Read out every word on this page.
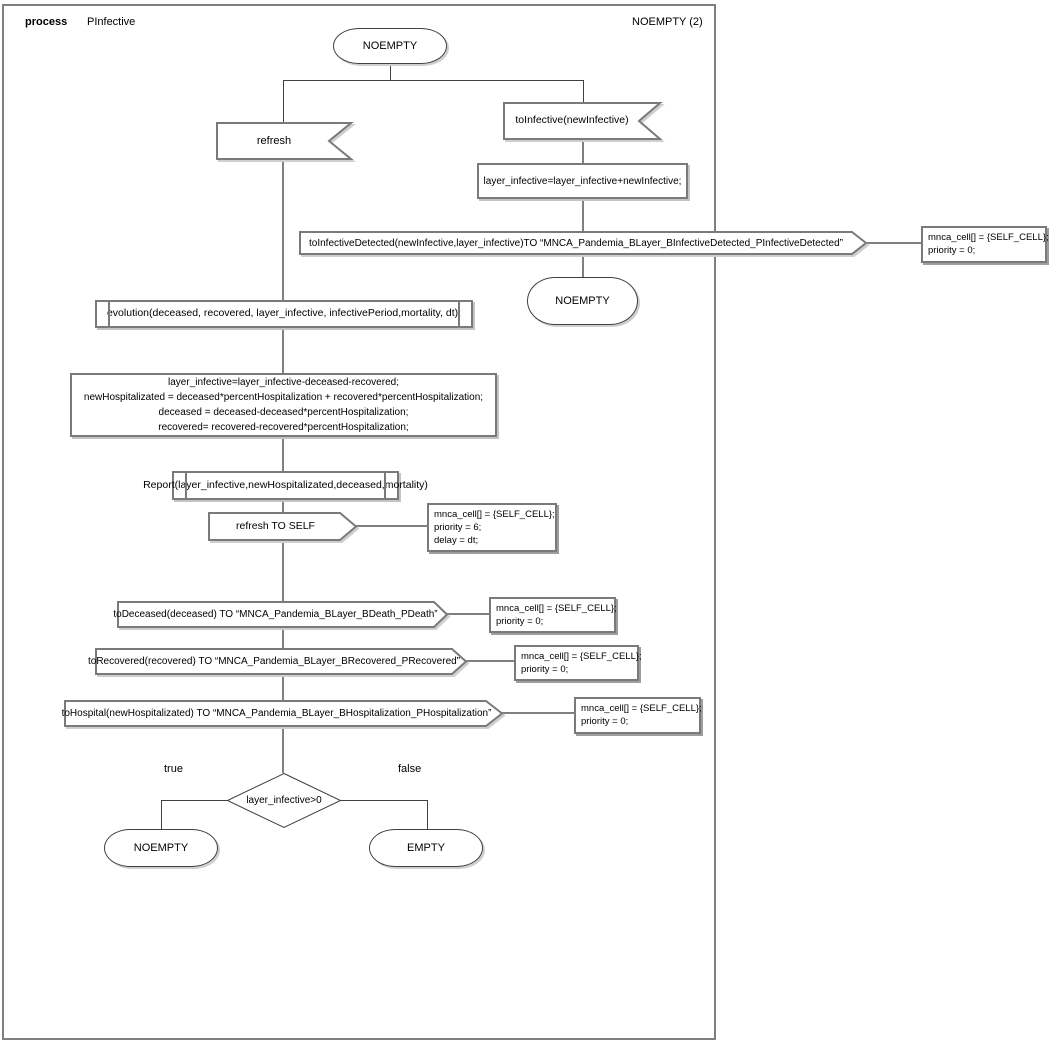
process PInfective	NOEMPTY (2)
NOEMPTY
refresh
toInfective(newInfective)
layer_infective=layer_infective+newInfective;
toInfectiveDetected(newInfective,layer_infective)TO “MNCA_Pandemia_BLayer_BInfectiveDetected_PInfectiveDetected”	mnca_cell[] = {SELF_CELL};
priority = 0;
NOEMPTY
evolution(deceased, recovered, layer_infective, infectivePeriod,mortality, dt);
layer_infective=layer_infective-deceased-recovered;
newHospitalizated = deceased*percentHospitalization + recovered*percentHospitalization;
deceased = deceased-deceased*percentHospitalization;
recovered= recovered-recovered*percentHospitalization;
Report(layer_infective,newHospitalizated,deceased,mortality)
refresh TO SELF
mnca_cell[] = {SELF_CELL};
priority = 6;
delay = dt;
toDeceased(deceased) TO “MNCA_Pandemia_BLayer_BDeath_PDeath”
mnca_cell[] = {SELF_CELL};
priority = 0;
toRecovered(recovered) TO “MNCA_Pandemia_BLayer_BRecovered_PRecovered”	mnca_cell[] = {SELF_CELL};
priority = 0;
toHospital(newHospitalizated) TO “MNCA_Pandemia_BLayer_BHospitalization_PHospitalization”	mnca_cell[] = {SELF_CELL};
priority = 0;
true	false
layer_infective>0
NOEMPTY	EMPTY
